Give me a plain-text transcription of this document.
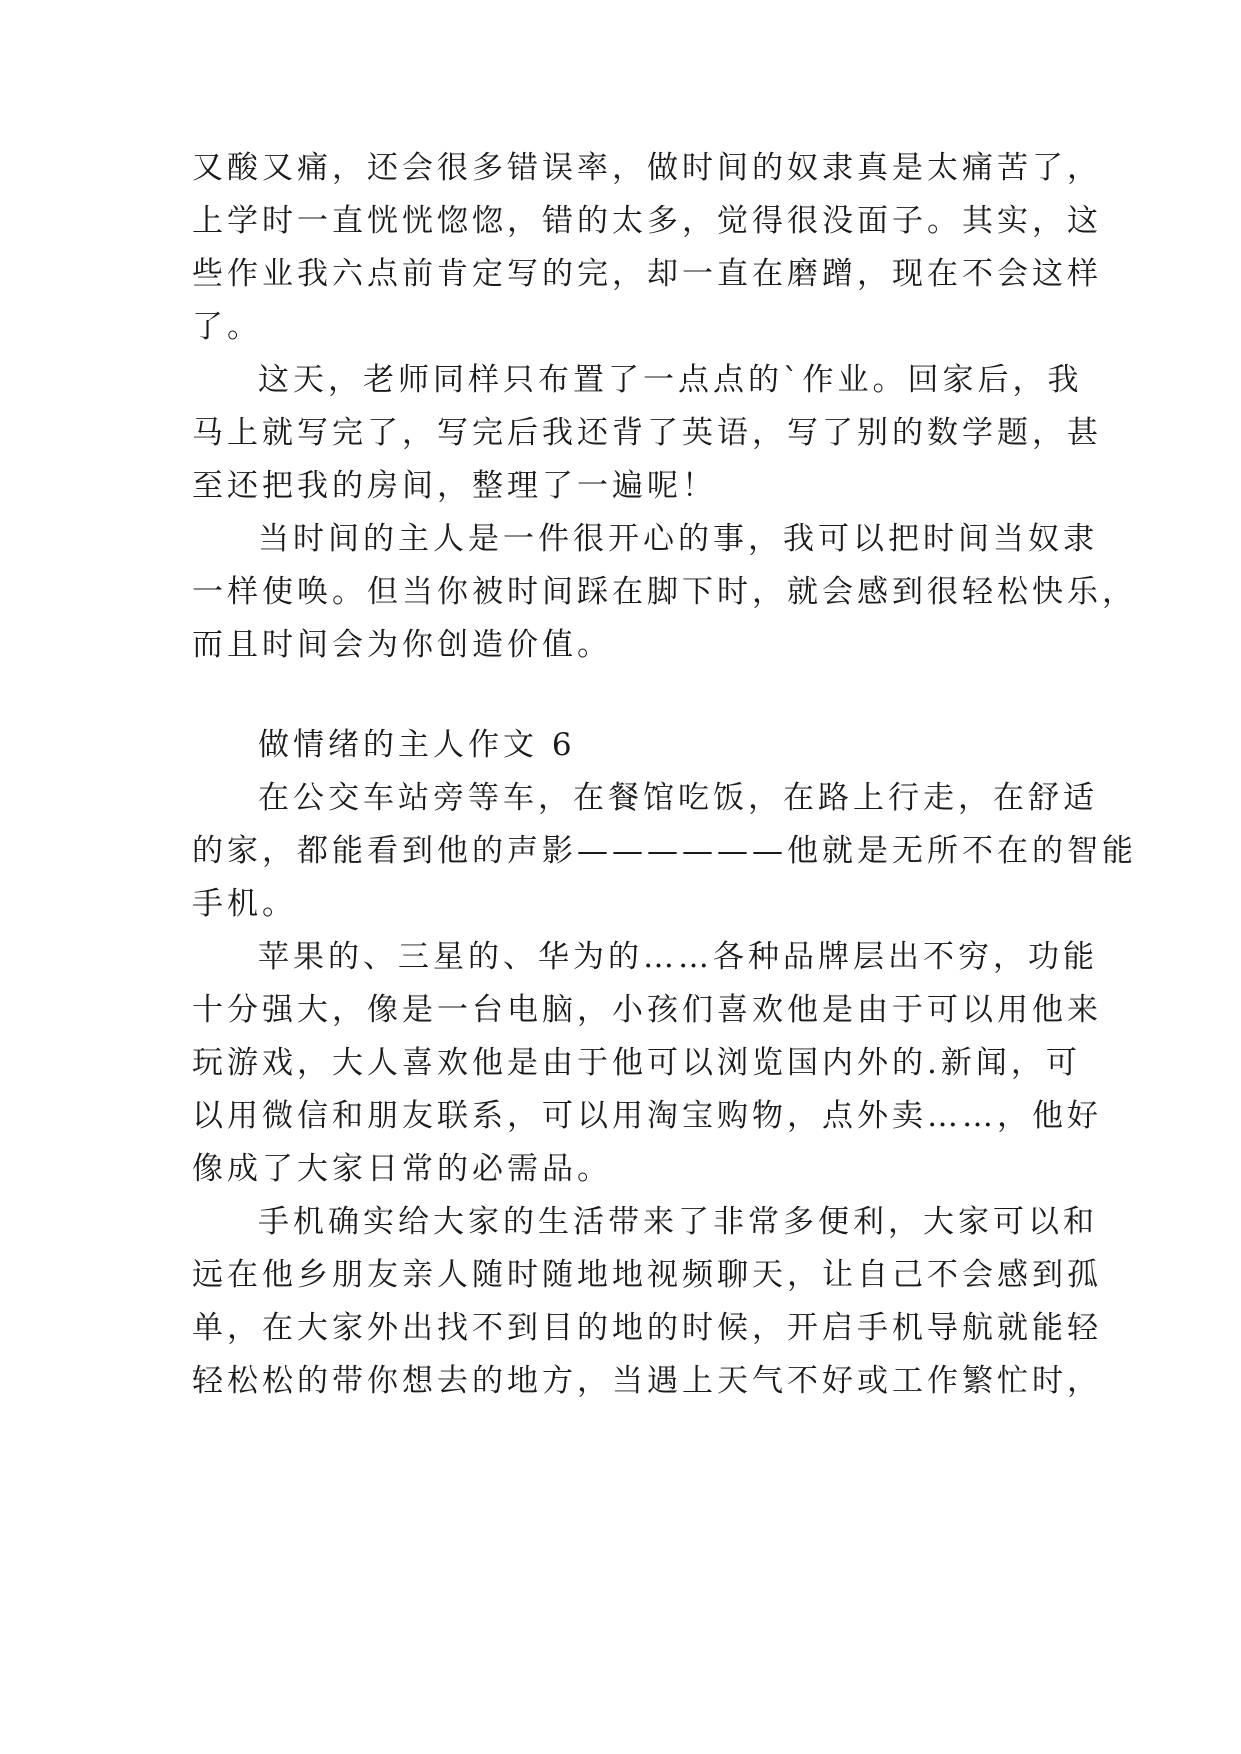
又酸又痛，还会很多错误率，做时间的奴隶真是太痛苦了，
上学时一直恍恍惚惚，错的太多，觉得很没面子。其实，这
些作业我六点前肯定写的完，却一直在磨蹭，现在不会这样
了。
这天，老师同样只布置了一点点的`作业。回家后，我
马上就写完了，写完后我还背了英语，写了别的数学题，甚
至还把我的房间，整理了一遍呢！
当时间的主人是一件很开心的事，我可以把时间当奴隶
一样使唤。但当你被时间踩在脚下时，就会感到很轻松快乐，
而且时间会为你创造价值。
做情绪的主人作文 6
在公交车站旁等车，在餐馆吃饭，在路上行走，在舒适
的家，都能看到他的声影——————他就是无所不在的智能
手机。
苹果的、三星的、华为的……各种品牌层出不穷，功能
十分强大，像是一台电脑，小孩们喜欢他是由于可以用他来
玩游戏，大人喜欢他是由于他可以浏览国内外的.新闻，可
以用微信和朋友联系，可以用淘宝购物，点外卖……，他好
像成了大家日常的必需品。
手机确实给大家的生活带来了非常多便利，大家可以和
远在他乡朋友亲人随时随地地视频聊天，让自己不会感到孤
单，在大家外出找不到目的地的时候，开启手机导航就能轻
轻松松的带你想去的地方，当遇上天气不好或工作繁忙时，
